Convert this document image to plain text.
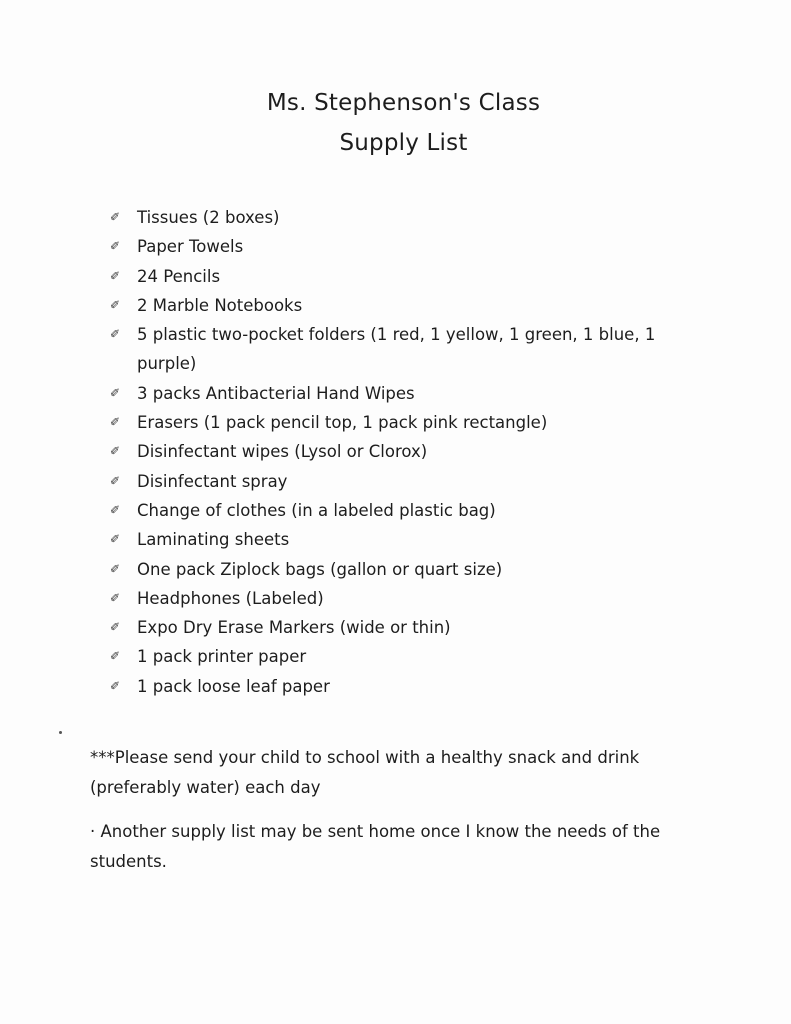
Ms. Stephenson's Class
Supply List
✐ Tissues (2 boxes)
✐ Paper Towels
✐ 24 Pencils
✐ 2 Marble Notebooks
✐ 5 plastic two-pocket folders (1 red, 1 yellow, 1 green, 1 blue, 1 purple)
✐ 3 packs Antibacterial Hand Wipes
✐ Erasers (1 pack pencil top, 1 pack pink rectangle)
✐ Disinfectant wipes (Lysol or Clorox)
✐ Disinfectant spray
✐ Change of clothes (in a labeled plastic bag)
✐ Laminating sheets
✐ One pack Ziplock bags (gallon or quart size)
✐ Headphones (Labeled)
✐ Expo Dry Erase Markers (wide or thin)
✐ 1 pack printer paper
✐ 1 pack loose leaf paper

***Please send your child to school with a healthy snack and drink (preferably water) each day

· Another supply list may be sent home once I know the needs of the students.
